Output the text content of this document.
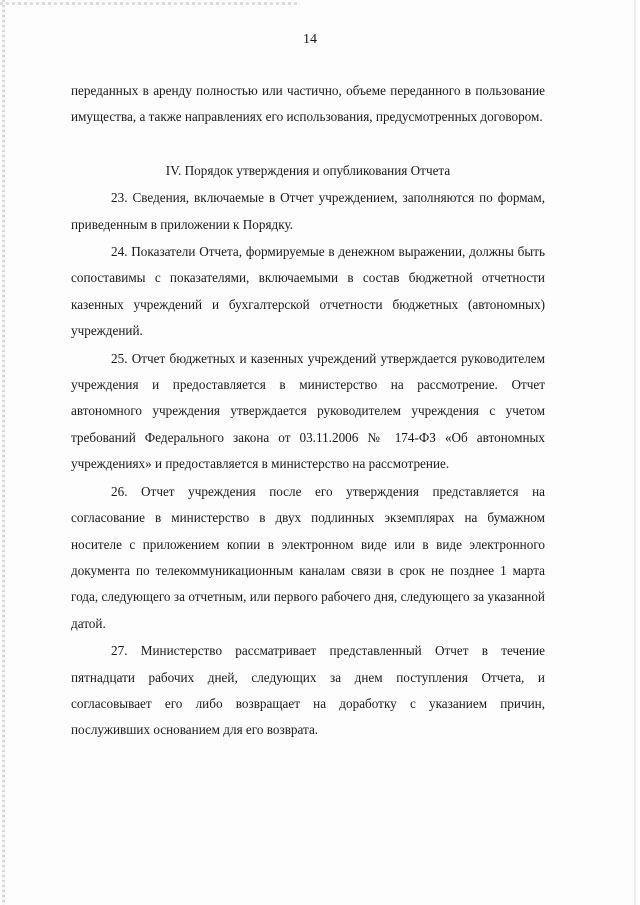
14

переданных в аренду полностью или частично, объеме переданного в пользование имущества, а также направлениях его использования, предусмотренных договором.

IV. Порядок утверждения и опубликования Отчета

23. Сведения, включаемые в Отчет учреждением, заполняются по формам, приведенным в приложении к Порядку.

24. Показатели Отчета, формируемые в денежном выражении, должны быть сопоставимы с показателями, включаемыми в состав бюджетной отчетности казенных учреждений и бухгалтерской отчетности бюджетных (автономных) учреждений.

25. Отчет бюджетных и казенных учреждений утверждается руководителем учреждения и предоставляется в министерство на рассмотрение. Отчет автономного учреждения утверждается руководителем учреждения с учетом требований Федерального закона от 03.11.2006 № 174-ФЗ «Об автономных учреждениях» и предоставляется в министерство на рассмотрение.

26. Отчет учреждения после его утверждения представляется на согласование в министерство в двух подлинных экземплярах на бумажном носителе с приложением копии в электронном виде или в виде электронного документа по телекоммуникационным каналам связи в срок не позднее 1 марта года, следующего за отчетным, или первого рабочего дня, следующего за указанной датой.

27. Министерство рассматривает представленный Отчет в течение пятнадцати рабочих дней, следующих за днем поступления Отчета, и согласовывает его либо возвращает на доработку с указанием причин, послуживших основанием для его возврата.
